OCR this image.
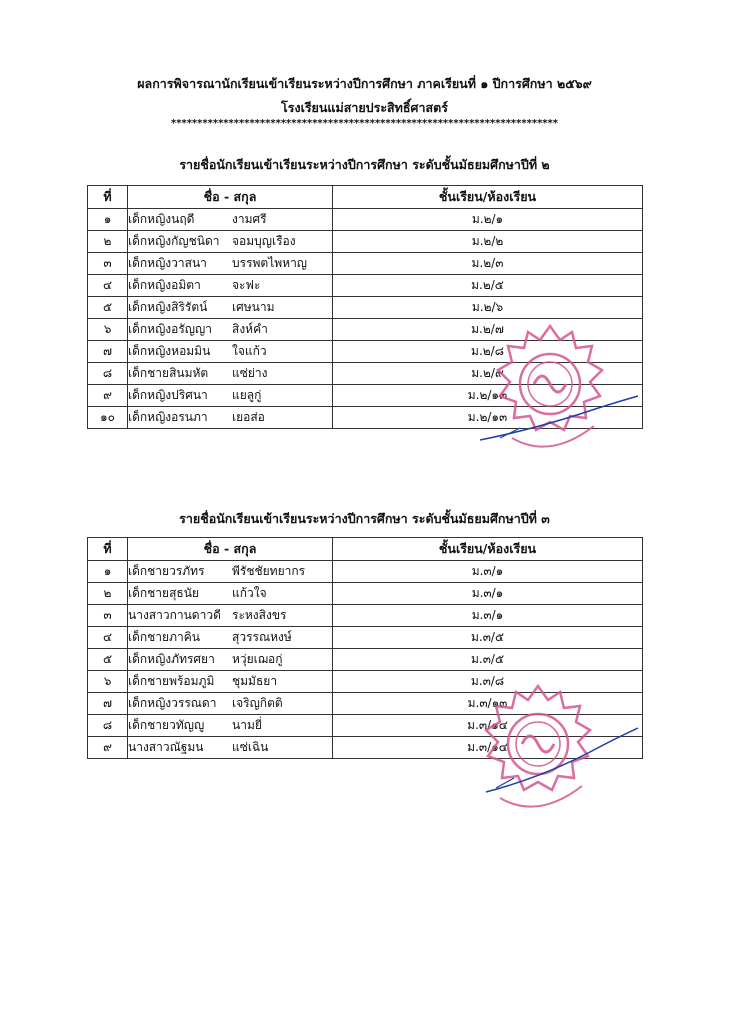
ผลการพิจารณานักเรียนเข้าเรียนระหว่างปีการศึกษา ภาคเรียนที่ ๑ ปีการศึกษา ๒๕๖๙
โรงเรียนแม่สายประสิทธิ์ศาสตร์
**************************************************************************
รายชื่อนักเรียนเข้าเรียนระหว่างปีการศึกษา ระดับชั้นมัธยมศึกษาปีที่ ๒
ที่	ชื่อ - สกุล	ชั้นเรียน/ห้องเรียน
๑	เด็กหญิงนฤดี งามศรี	ม.๒/๑
๒	เด็กหญิงกัญชนิดา จอมบุญเรือง	ม.๒/๒
๓	เด็กหญิงวาสนา บรรพตไพหาญ	ม.๒/๓
๔	เด็กหญิงอมิตา จะฟะ	ม.๒/๕
๕	เด็กหญิงสิริรัตน์ เศษนาม	ม.๒/๖
๖	เด็กหญิงอรัญญา สิงห์คำ	ม.๒/๗
๗	เด็กหญิงหอมมิน ใจแก้ว	ม.๒/๘
๘	เด็กชายสินมหัต แซ่ย่าง	ม.๒/๙
๙	เด็กหญิงปริศนา แยลูกู่	ม.๒/๑๓
๑๐	เด็กหญิงอรนภา เยอส่อ	ม.๒/๑๓
รายชื่อนักเรียนเข้าเรียนระหว่างปีการศึกษา ระดับชั้นมัธยมศึกษาปีที่ ๓
ที่	ชื่อ - สกุล	ชั้นเรียน/ห้องเรียน
๑	เด็กชายวรภัทร พีรัชชัยทยากร	ม.๓/๑
๒	เด็กชายสุธนัย แก้วใจ	ม.๓/๑
๓	นางสาวกานดาวดี ระหงสิงขร	ม.๓/๑
๔	เด็กชายภาคิน สุวรรณหงษ์	ม.๓/๕
๕	เด็กหญิงภัทรศยา หวุ่ยเฌอกู่	ม.๓/๕
๖	เด็กชายพร้อมภูมิ ชุมมัธยา	ม.๓/๘
๗	เด็กหญิงวรรณดา เจริญกิตติ	ม.๓/๑๓
๘	เด็กชายวทัญญู นามยี่	ม.๓/๑๔
๙	นางสาวณัฐมน แซ่เฉิน	ม.๓/๑๔
